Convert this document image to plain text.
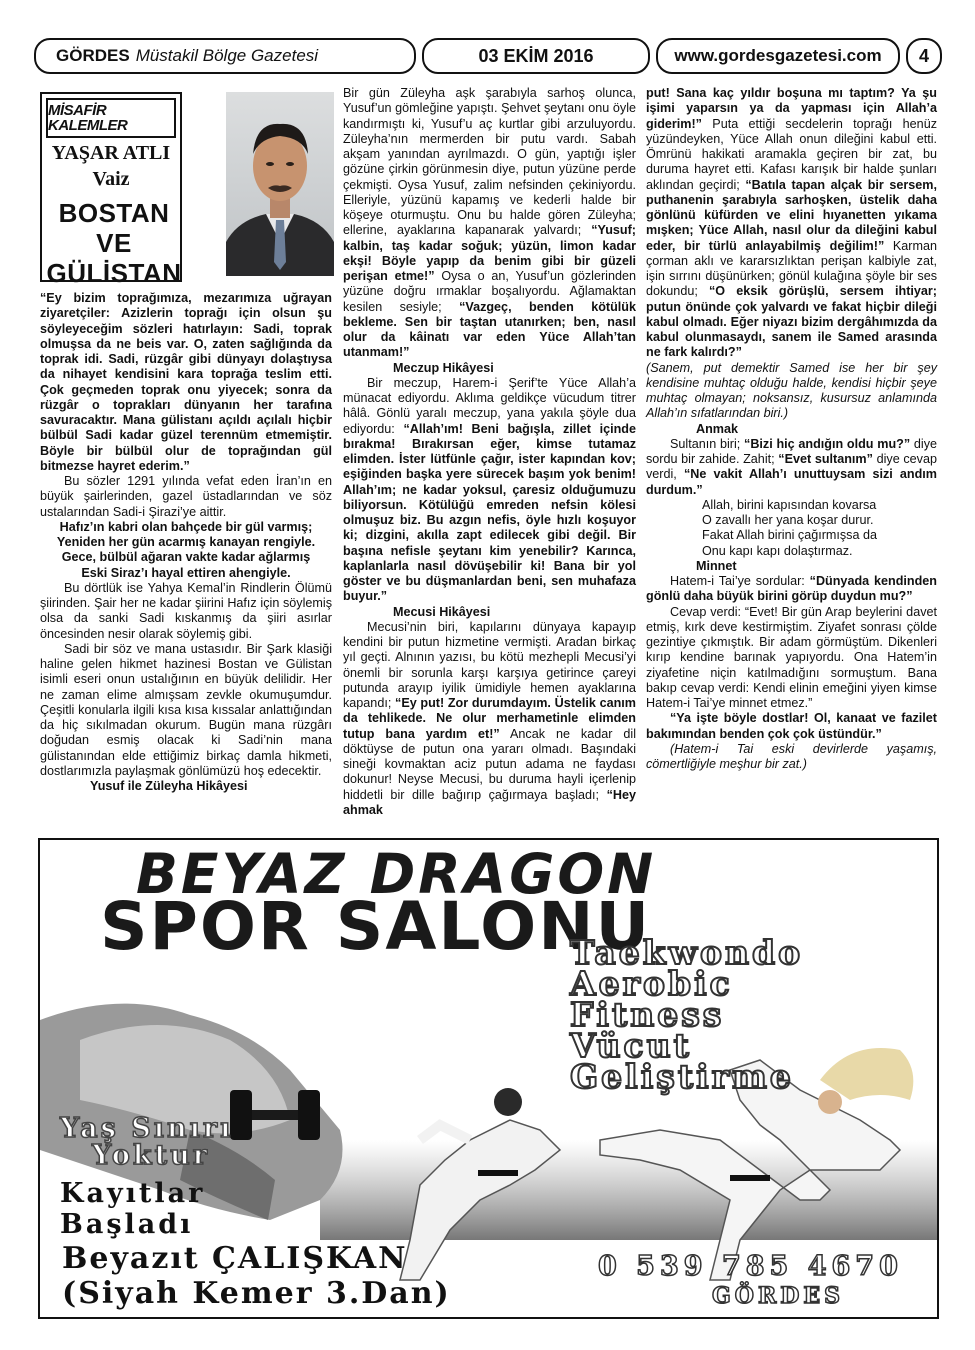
GÖRDES Müstakil Bölge Gazetesi	03 EKİM 2016	www.gordesgazetesi.com	4
MİSAFİR KALEMLER
YAŞAR ATLI
Vaiz
BOSTAN
VE
GÜLİSTAN

“Ey bizim toprağımıza, mezarımıza uğrayan ziyaretçiler: Azizlerin toprağı için olsun şu söyleyeceğim sözleri hatırlayın: Sadi, toprak olmuşsa da ne beis var. O, zaten sağlığında da toprak idi. Sadi, rüzgâr gibi dünyayı dolaştıysa da nihayet kendisini kara toprağa teslim etti. Çok geçmeden toprak onu yiyecek; sonra da rüzgâr o toprakları dünyanın her tarafına savuracaktır. Mana gülistanı açıldı açılalı hiçbir bülbül Sadi kadar güzel terennüm etmemiştir. Böyle bir bülbül olur de toprağından gül bitmezse hayret ederim.”

Bu sözler 1291 yılında vefat eden İran’ın en büyük şairlerinden, gazel üstadlarından ve söz ustalarından Sadi-i Şirazi’ye aittir.

Hafız’ın kabri olan bahçede bir gül varmış;

Yeniden her gün acarmış kanayan rengiyle.

Gece, bülbül ağaran vakte kadar ağlarmış

Eski Siraz’ı hayal ettiren ahengiyle.

Bu dörtlük ise Yahya Kemal’in Rindlerin Ölümü şiirinden. Şair her ne kadar şiirini Hafız için söylemiş olsa da sanki Sadi kıskanmış da şiiri asırlar öncesinden nesir olarak söylemiş gibi.

Sadi bir söz ve mana ustasıdır. Bir Şark klasiği haline gelen hikmet hazinesi Bostan ve Gülistan isimli eseri onun ustalığının en büyük delilidir. Her ne zaman elime almışsam zevkle okumuşumdur. Çeşitli konularla ilgili kısa kısa kıssalar anlattığından da hiç sıkılmadan okurum. Bugün mana rüzgârı doğudan esmiş olacak ki Sadi’nin mana gülistanından elde ettiğimiz birkaç damla hikmeti, dostlarımızla paylaşmak gönlümüzü hoş edecektir.

Yusuf ile Züleyha Hikâyesi

Bir gün Züleyha aşk şarabıyla sarhoş olunca, Yusuf’un gömleğine yapıştı. Şehvet şeytanı onu öyle kandırmıştı ki, Yusuf’u aç kurtlar gibi arzuluyordu. Züleyha’nın mermerden bir putu vardı. Sabah akşam yanından ayrılmazdı. O gün, yaptığı işler gözüne çirkin görünmesin diye, putun yüzüne perde çekmişti. Oysa Yusuf, zalim nefsinden çekiniyordu. Elleriyle, yüzünü kapamış ve kederli halde bir köşeye oturmuştu. Onu bu halde gören Züleyha; ellerine, ayaklarına kapanarak yalvardı; “Yusuf; kalbin, taş kadar soğuk; yüzün, limon kadar ekşi! Böyle yapıp da benim gibi bir güzeli perişan etme!” Oysa o an, Yusuf’un gözlerinden yüzüne doğru ırmaklar boşalıyordu. Ağlamaktan kesilen sesiyle; “Vazgeç, benden kötülük bekleme. Sen bir taştan utanırken; ben, nasıl olur da kâinatı var eden Yüce Allah’tan utanmam!”

Meczup Hikâyesi

Bir meczup, Harem-i Şerif’te Yüce Allah’a münacat ediyordu. Aklıma geldikçe vücudum titrer hâlâ. Gönlü yaralı meczup, yana yakıla şöyle dua ediyordu: “Allah’ım! Beni bağışla, zillet içinde bırakma! Bırakırsan eğer, kimse tutamaz elimden. İster lütfünle çağır, ister kapından kov; eşiğinden başka yere sürecek başım yok benim! Allah’ım; ne kadar yoksul, çaresiz olduğumuzu biliyorsun. Kötülüğü emreden nefsin kölesi olmuşuz biz. Bu azgın nefis, öyle hızlı koşuyor ki; dizgini, akılla zapt edilecek gibi değil. Bir başına nefisle şeytanı kim yenebilir? Karınca, kaplanlarla nasıl dövüşebilir ki! Bana bir yol göster ve bu düşmanlardan beni, sen muhafaza buyur.”

Mecusi Hikâyesi

Mecusi’nin biri, kapılarını dünyaya kapayıp kendini bir putun hizmetine vermişti. Aradan birkaç yıl geçti. Alnının yazısı, bu kötü mezhepli Mecusi’yi önemli bir sorunla karşı karşıya getirince çareyi putunda arayıp iyilik ümidiyle hemen ayaklarına kapandı; “Ey put! Zor durumdayım. Üstelik canım da tehlikede. Ne olur merhametinle elimden tutup bana yardım et!” Ancak ne kadar dil döktüyse de putun ona yararı olmadı. Başındaki sineği kovmaktan aciz putun adama ne faydası dokunur! Neyse Mecusi, bu duruma hayli içerlenip hiddetli bir dille bağırıp çağırmaya başladı; “Hey ahmak

put! Sana kaç yıldır boşuna mı taptım? Ya şu işimi yaparsın ya da yapması için Allah’a giderim!” Puta ettiği secdelerin toprağı henüz yüzündeyken, Yüce Allah onun dileğini kabul etti. Ömrünü hakikati aramakla geçiren bir zat, bu duruma hayret etti. Kafası karışık bir halde şunları aklından geçirdi; “Batıla tapan alçak bir sersem, puthanenin şarabıyla sarhoşken, üstelik daha gönlünü küfürden ve elini hıyanetten yıkama mışken; Yüce Allah, nasıl olur da dileğini kabul eder, bir türlü anlayabilmiş değilim!” Karman çorman aklı ve kararsızlıktan perişan kalbiyle zat, işin sırrını düşünürken; gönül kulağına şöyle bir ses dokundu; “O eksik görüşlü, sersem ihtiyar; putun önünde çok yalvardı ve fakat hiçbir dileği kabul olmadı. Eğer niyazı bizim dergâhımızda da kabul olunmasaydı, sanem ile Samed arasında ne fark kalırdı?”

(Sanem, put demektir Samed ise her bir şey kendisine muhtaç olduğu halde, kendisi hiçbir şeye muhtaç olmayan; noksansız, kusursuz anlamında Allah’ın sıfatlarından biri.)

Anmak

Sultanın biri; “Bizi hiç andığın oldu mu?” diye sordu bir zahide. Zahit; “Evet sultanım” diye cevap verdi, “Ne vakit Allah’ı unuttuysam sizi andım durdum.”

Allah, birini kapısından kovarsa

O zavallı her yana koşar durur.

Fakat Allah birini çağırmışsa da

Onu kapı kapı dolaştırmaz.

Minnet

Hatem-i Tai’ye sordular: “Dünyada kendinden gönlü daha büyük birini görüp duydun mu?”

Cevap verdi: “Evet! Bir gün Arap beylerini davet etmiş, kırk deve kestirmiştim. Ziyafet sonrası çölde gezintiye çıkmıştık. Bir adam görmüştüm. Dikenleri kırıp kendine barınak yapıyordu. Ona Hatem’in ziyafetine niçin katılmadığını sormuştum. Bana bakıp cevap verdi: Kendi elinin emeğini yiyen kimse Hatem-i Tai’ye minnet etmez.”

“Ya işte böyle dostlar! Ol, kanaat ve fazilet bakımından benden çok çok üstündür.”

(Hatem-i Tai eski devirlerde yaşamış, cömertliğiyle meşhur bir zat.)

BEYAZ DRAGON
SPOR SALONU
Taekwondo
Aerobic
Fitness
Vücut
Geliştirme
Yaş Sınırı
Yoktur
Kayıtlar
Başladı
Beyazıt ÇALIŞKAN
(Siyah Kemer 3.Dan)
0 539 785 4670
GÖRDES
